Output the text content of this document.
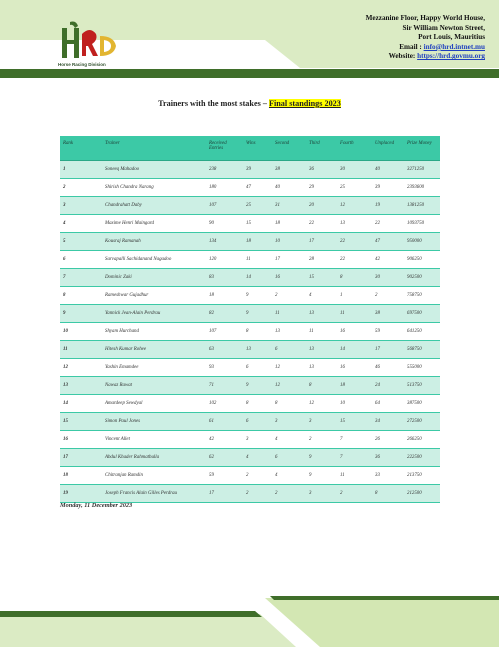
Horse Racing Division
Mezzanine Floor, Happy World House,
Sir William Newton Street,
Port Louis, Mauritius
Email : info@hrd.intnet.mu
Website: https://hrd.govmu.org
Trainers with the most stakes – Final standings 2023
Rank	Trainer	Received Entries	Wins	Second	Third	Fourth	Unplaced	Prize Money
1	Soneeq Mahadoo	238	39	38	36	30	40	3271250
2	Shirish Chandra Narang	180	47	40	29	25	39	2393600
3	Chandrahatt Daby	107	25	31	20	12	19	1381250
4	Maxime Henri Maingard	90	15	18	22	13	22	1093750
5	Kousraj Ramanah	134	18	10	17	22	47	950000
6	Sarvapalli Sachidanand Nagadoo	120	11	17	28	22	42	906250
7	Dominic Zaki	83	14	16	15	8	30	902500
8	Rameshwar Gujadhur	18	9	2	4	1	2	758750
9	Yannick Jean-Alain Perdrau	82	9	11	13	11	38	697500
10	Shyam Hurchand	107	8	13	11	16	59	641250
11	Hitesh Kumar Rohee	63	13	6	13	14	17	568750
12	Yashin Emamdee	93	6	12	13	16	46	555000
13	Nawaz Rawat	71	9	12	8	18	24	513750
14	Amardeep Sewdyal	102	8	8	12	10	64	387500
15	Simon Paul Jones	61	6	3	3	15	34	272500
16	Vincent Allet	42	3	4	2	7	26	266250
17	Abdul Khader Rahmatbulla	62	4	6	9	7	36	222500
18	Chitranjan Ramdin	59	2	4	9	11	33	213750
19	Joseph Francis Alain Gilles Perdrau	17	2	2	3	2	8	212500
Monday, 11 December 2023
